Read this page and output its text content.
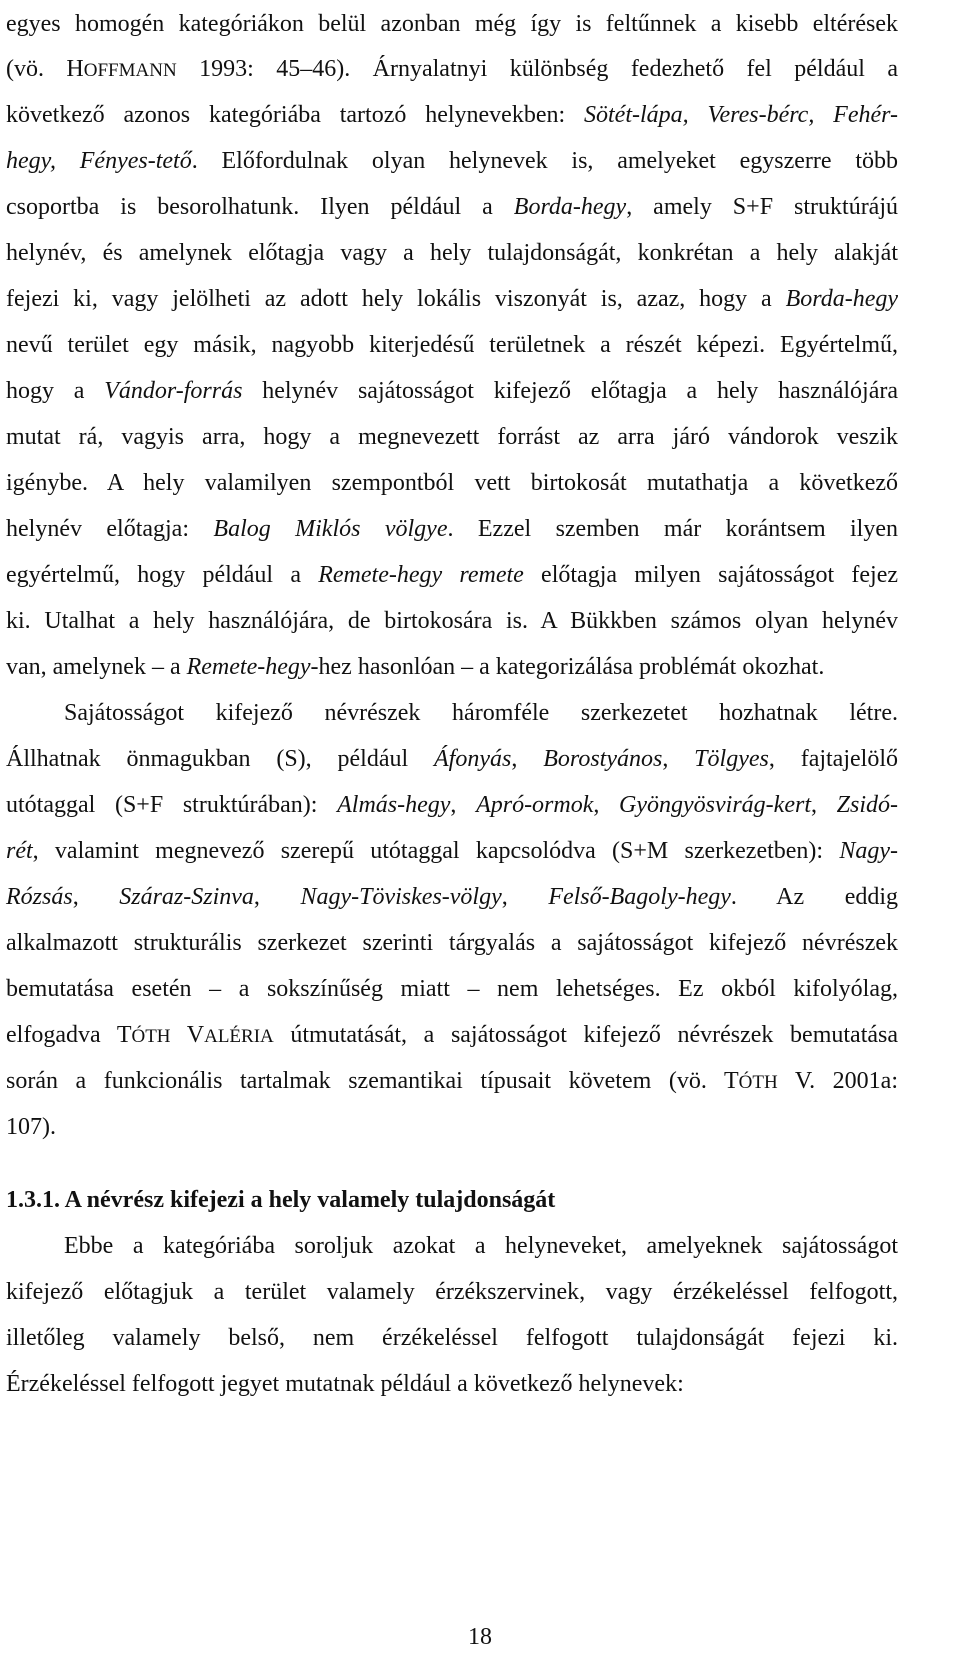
egyes homogén kategóriákon belül azonban még így is feltűnnek a kisebb eltérések
(vö. HOFFMANN 1993: 45–46). Árnyalatnyi különbség fedezhető fel például a
következő azonos kategóriába tartozó helynevekben: Sötét-lápa, Veres-bérc, Fehér-
hegy, Fényes-tető. Előfordulnak olyan helynevek is, amelyeket egyszerre több
csoportba is besorolhatunk. Ilyen például a Borda-hegy, amely S+F struktúrájú
helynév, és amelynek előtagja vagy a hely tulajdonságát, konkrétan a hely alakját
fejezi ki, vagy jelölheti az adott hely lokális viszonyát is, azaz, hogy a Borda-hegy
nevű terület egy másik, nagyobb kiterjedésű területnek a részét képezi. Egyértelmű,
hogy a Vándor-forrás helynév sajátosságot kifejező előtagja a hely használójára
mutat rá, vagyis arra, hogy a megnevezett forrást az arra járó vándorok veszik
igénybe. A hely valamilyen szempontból vett birtokosát mutathatja a következő
helynév előtagja: Balog Miklós völgye. Ezzel szemben már korántsem ilyen
egyértelmű, hogy például a Remete-hegy remete előtagja milyen sajátosságot fejez
ki. Utalhat a hely használójára, de birtokosára is. A Bükkben számos olyan helynév
van, amelynek – a Remete-hegy-hez hasonlóan – a kategorizálása problémát okozhat.
Sajátosságot kifejező névrészek háromféle szerkezetet hozhatnak létre.
Állhatnak önmagukban (S), például Áfonyás, Borostyános, Tölgyes, fajtajelölő
utótaggal (S+F struktúrában): Almás-hegy, Apró-ormok, Gyöngyösvirág-kert, Zsidó-
rét, valamint megnevező szerepű utótaggal kapcsolódva (S+M szerkezetben): Nagy-
Rózsás, Száraz-Szinva, Nagy-Töviskes-völgy, Felső-Bagoly-hegy. Az eddig
alkalmazott strukturális szerkezet szerinti tárgyalás a sajátosságot kifejező névrészek
bemutatása esetén – a sokszínűség miatt – nem lehetséges. Ez okból kifolyólag,
elfogadva TÓTH VALÉRIA útmutatását, a sajátosságot kifejező névrészek bemutatása
során a funkcionális tartalmak szemantikai típusait követem (vö. TÓTH V. 2001a:
107).
1.3.1. A névrész kifejezi a hely valamely tulajdonságát
Ebbe a kategóriába soroljuk azokat a helyneveket, amelyeknek sajátosságot
kifejező előtagjuk a terület valamely érzékszervinek, vagy érzékeléssel felfogott,
illetőleg valamely belső, nem érzékeléssel felfogott tulajdonságát fejezi ki.
Érzékeléssel felfogott jegyet mutatnak például a következő helynevek:
18
